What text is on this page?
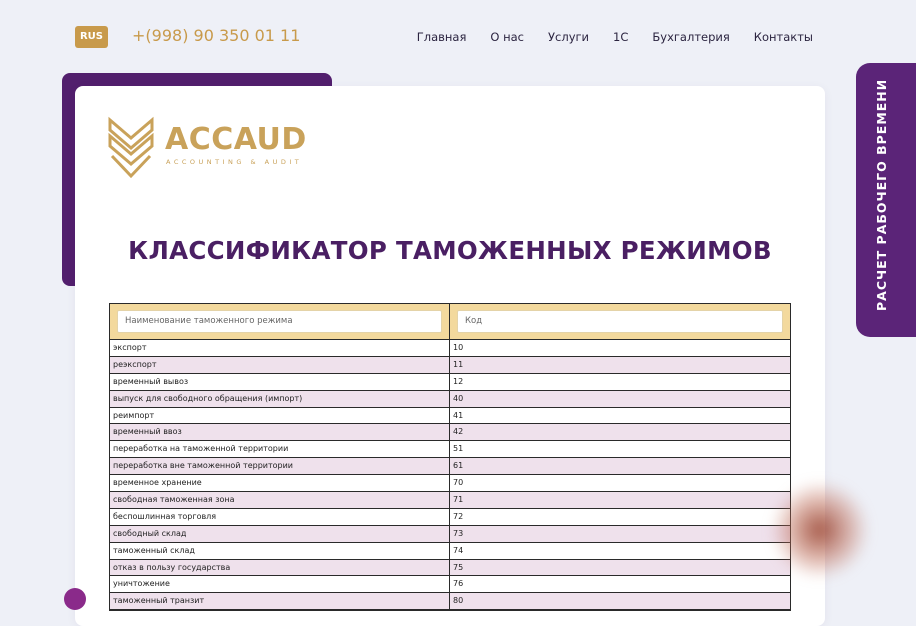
RUS	+(998) 90 350 01 11	Главная О нас Услуги 1С Бухгалтерия Контакты
ACCAUD
ACCOUNTING & AUDIT
КЛАССИФИКАТОР ТАМОЖЕННЫХ РЕЖИМОВ
Наименование таможенного режима	Код
экспорт	10
реэкспорт	11
временный вывоз	12
выпуск для свободного обращения (импорт)	40
реимпорт	41
временный ввоз	42
переработка на таможенной территории	51
переработка вне таможенной территории	61
временное хранение	70
свободная таможенная зона	71
беспошлинная торговля	72
свободный склад	73
таможенный склад	74
отказ в пользу государства	75
уничтожение	76
таможенный транзит	80
РАСЧЕТ РАБОЧЕГО ВРЕМЕНИ
